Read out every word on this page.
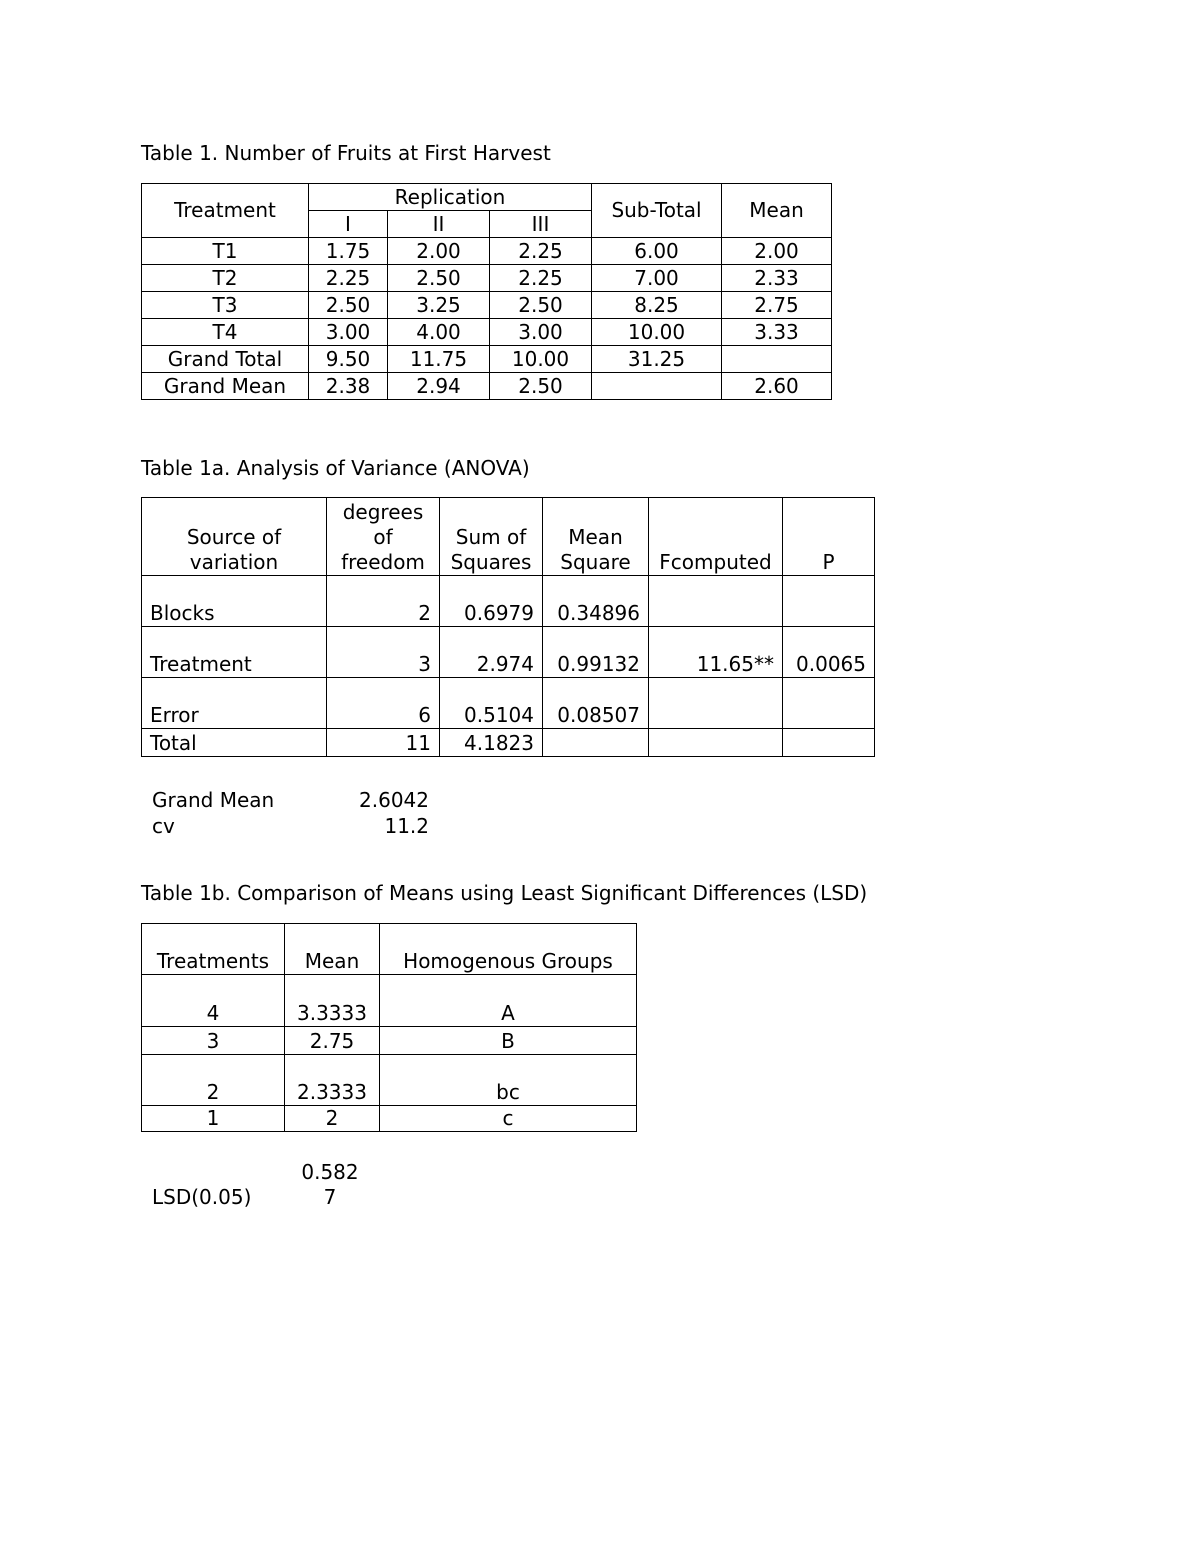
Table 1. Number of Fruits at First Harvest

Treatment	Replication			Sub-Total	Mean
	I	II	III		
T1	1.75	2.00	2.25	6.00	2.00
T2	2.25	2.50	2.25	7.00	2.33
T3	2.50	3.25	2.50	8.25	2.75
T4	3.00	4.00	3.00	10.00	3.33
Grand Total	9.50	11.75	10.00	31.25	
Grand Mean	2.38	2.94	2.50		2.60

Table 1a. Analysis of Variance (ANOVA)

Source of variation	degrees of freedom	Sum of Squares	Mean Square	Fcomputed	P
Blocks	2	0.6979	0.34896		
Treatment	3	2.974	0.99132	11.65**	0.0065
Error	6	0.5104	0.08507		
Total	11	4.1823			
Grand Mean	2.6042
cv	11.2

Table 1b. Comparison of Means using Least Significant Differences (LSD)

Treatments	Mean	Homogenous Groups
4	3.3333	A
3	2.75	B
2	2.3333	bc
1	2	c
LSD(0.05)
0.5827
